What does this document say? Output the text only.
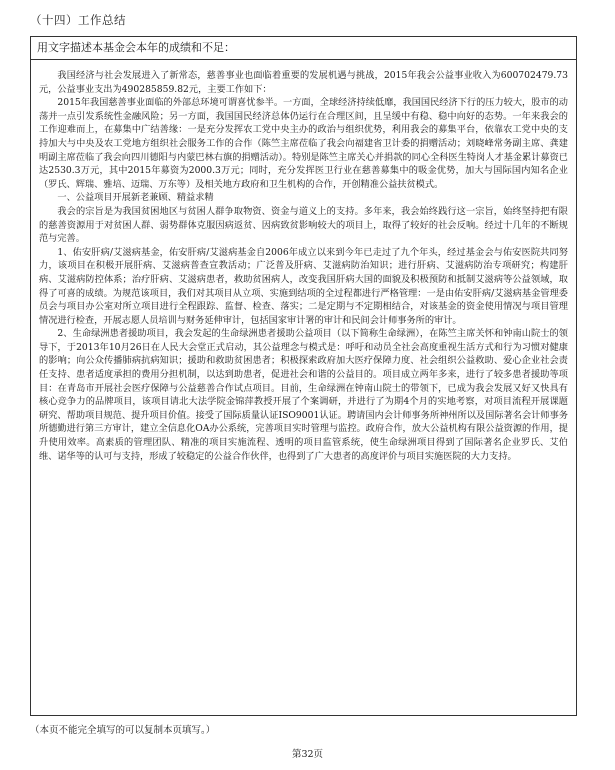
（十四）工作总结
用文字描述本基金会本年的成绩和不足：

我国经济与社会发展进入了新常态，慈善事业也面临着重要的发展机遇与挑战，2015年我会公益事业收入为600702479.73元，公益事业支出为490285859.82元，主要工作如下：

2015年我国慈善事业面临的外部总环境可谓喜忧参半。一方面，全球经济持续低靡，我国国民经济下行的压力较大，股市的动荡并一点引发系统性金融风险；另一方面，我国国民经济总体仍运行在合理区间，且呈缓中有稳、稳中向好的态势。一年来我会的工作迎难而上，在募集中广结善缘：一是充分发挥农工党中央主办的政治与组织优势，利用我会的募集平台，依靠农工党中央的支持加大与中央及农工党地方组织社会服务工作的合作（陈竺主席莅临了我会向福建省卫计委的捐赠活动；刘晓峰常务副主席、龚建明副主席莅临了我会向四川德阳与内蒙巴林右旗的捐赠活动）。特别是陈竺主席关心并捐款的同心全科医生特岗人才基金累计募资已达2530.3万元，其中2015年募资为2000.3万元；同时，充分发挥医卫行业在慈善募集中的吸金优势，加大与国际国内知名企业（罗氏、辉瑞、雅培、迈瑞、万东等）及相关地方政府和卫生机构的合作，开创精准公益扶贫模式。

一、公益项目开展新老兼顾、精益求精

我会的宗旨是为我国贫困地区与贫困人群争取物资、资金与道义上的支持。多年来，我会始终践行这一宗旨，始终坚持把有限的慈善资源用于对贫困人群、弱势群体克服因病返贫、因病致贫影响较大的项目上，取得了较好的社会反响。经过十几年的不断规范与完善。

1、佑安肝病/艾滋病基金，佑安肝病/艾滋病基金自2006年成立以来到今年已走过了九个年头，经过基金会与佑安医院共同努力，该项目在积极开展肝病、艾滋病普查宣教活动；广泛普及肝病、艾滋病防治知识；进行肝病、艾滋病防治专项研究；构建肝病、艾滋病防控体系；治疗肝病、艾滋病患者，救助贫困病人，改变我国肝病大国的面貌及积极预防和抵制艾滋病等公益领域，取得了可喜的成绩。为规范该项目，我们对其项目从立项、实施到结项的全过程都进行严格管理：一是由佑安肝病/艾滋病基金管理委员会与项目办公室对所立项目进行全程跟踪、监督、检查、落实；二是定期与不定期相结合，对该基金的资金使用情况与项目管理情况进行检查，开展志愿人员培训与财务延伸审计，包括国家审计署的审计和民间会计师事务所的审计。

2、生命绿洲患者援助项目，我会发起的生命绿洲患者援助公益项目（以下简称生命绿洲），在陈竺主席关怀和钟南山院士的领导下，于2013年10月26日在人民大会堂正式启动，其公益理念与模式是：呼吁和动员全社会高度重视生活方式和行为习惯对健康的影响；向公众传播肺病抗病知识；援助和救助贫困患者；积极探索政府加大医疗保障力度、社会组织公益救助、爱心企业社会责任支持、患者适度承担的费用分担机制，以达到助患者，促进社会和谐的公益目的。项目成立两年多来，进行了较多患者援助等项目：在青岛市开展社会医疗保障与公益慈善合作试点项目。目前，生命绿洲在钟南山院士的带领下，已成为我会发展又好又快具有核心竞争力的品牌项目，该项目请北大法学院金锦萍教授开展了个案调研，并进行了为期4个月的实地考察，对项目流程开展课题研究、帮助项目规范、提升项目价值。接受了国际质量认证ISO9001认证。聘请国内会计师事务所神州所以及国际著名会计师事务所德勤进行第三方审计，建立全信息化OA办公系统，完善项目实时管理与监控。政府合作，放大公益机构有限公益资源的作用，提升使用效率。高素质的管理团队、精准的项目实施流程、透明的项目监管系统，使生命绿洲项目得到了国际著名企业罗氏、艾伯维、诺华等的认可与支持，形成了较稳定的公益合作伙伴，也得到了广大患者的高度评价与项目实施医院的大力支持。

（本页不能完全填写的可以复制本页填写。）
第32页
